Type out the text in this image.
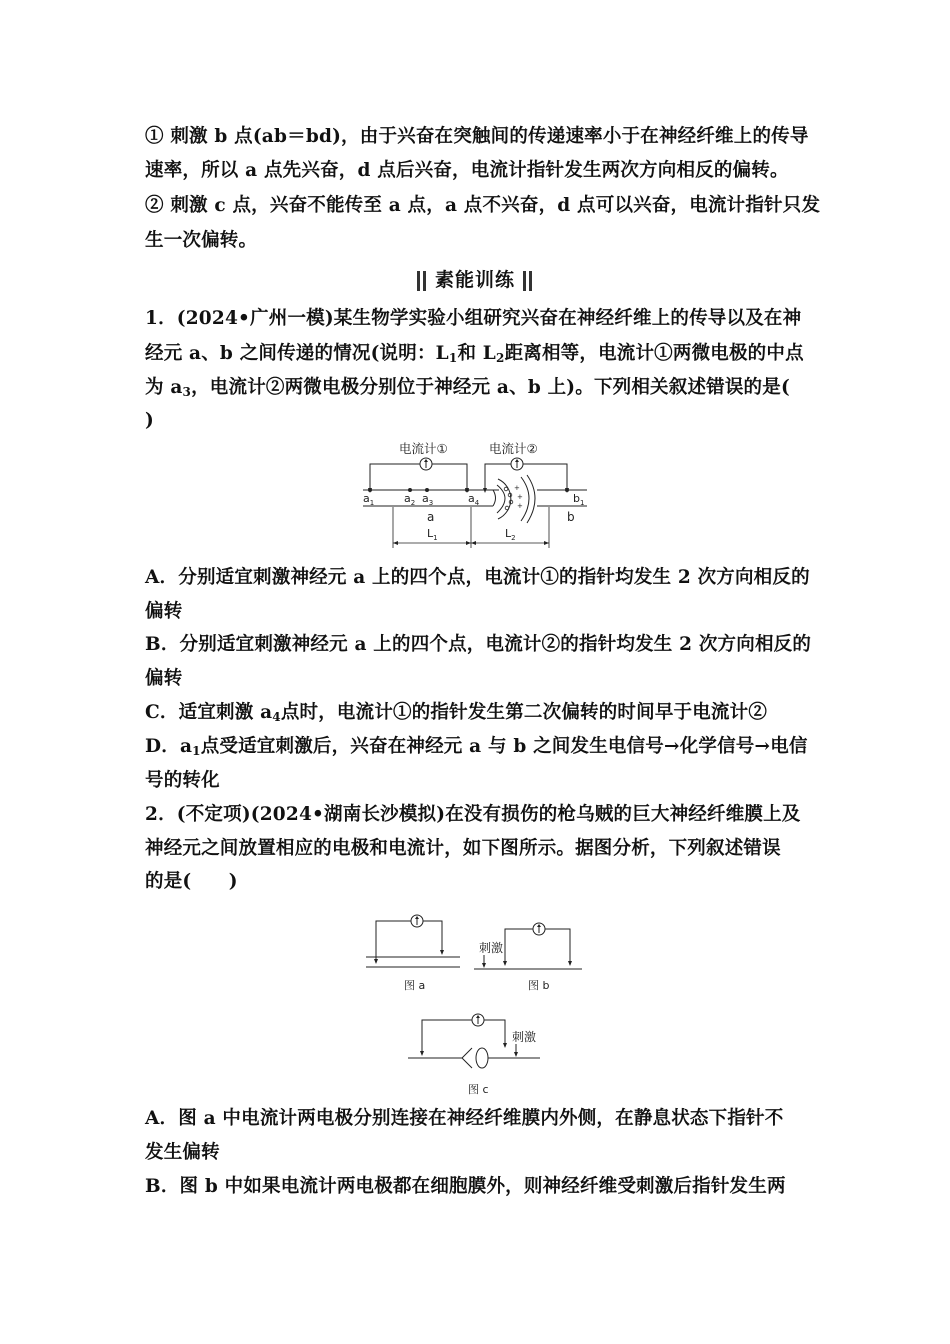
① 刺激 b 点(ab＝bd)，由于兴奋在突触间的传递速率小于在神经纤维上的传导
速率，所以 a 点先兴奋，d 点后兴奋，电流计指针发生两次方向相反的偏转。
② 刺激 c 点，兴奋不能传至 a 点，a 点不兴奋，d 点可以兴奋，电流计指针只发
生一次偏转。
素能训练
1．(2024•广州一模)某生物学实验小组研究兴奋在神经纤维上的传导以及在神
经元 a、b 之间传递的情况(说明：$L_1$和 $L_2$距离相等，电流计①两微电极的中点
为 $a_3$，电流计②两微电极分别位于神经元 a、b 上)。下列相关叙述错误的是(
)
电流计①	电流计②
+
+
+
$a_1$	$a_2$ $a_3$	$a_4$	$b_1$
a	b
$L_1$	$L_2$
A．分别适宜刺激神经元 a 上的四个点，电流计①的指针均发生 2 次方向相反的
偏转
B．分别适宜刺激神经元 a 上的四个点，电流计②的指针均发生 2 次方向相反的
偏转
C．适宜刺激 $a_4$点时，电流计①的指针发生第二次偏转的时间早于电流计②
D．$a_1$点受适宜刺激后，兴奋在神经元 a 与 b 之间发生电信号→化学信号→电信
号的转化
2．(不定项)(2024•湖南长沙模拟)在没有损伤的枪乌贼的巨大神经纤维膜上及
神经元之间放置相应的电极和电流计，如下图所示。据图分析，下列叙述错误
的是(　　)
图 a
刺激
图 b
刺激
图 c
A．图 a 中电流计两电极分别连接在神经纤维膜内外侧，在静息状态下指针不
发生偏转
B．图 b 中如果电流计两电极都在细胞膜外，则神经纤维受刺激后指针发生两
